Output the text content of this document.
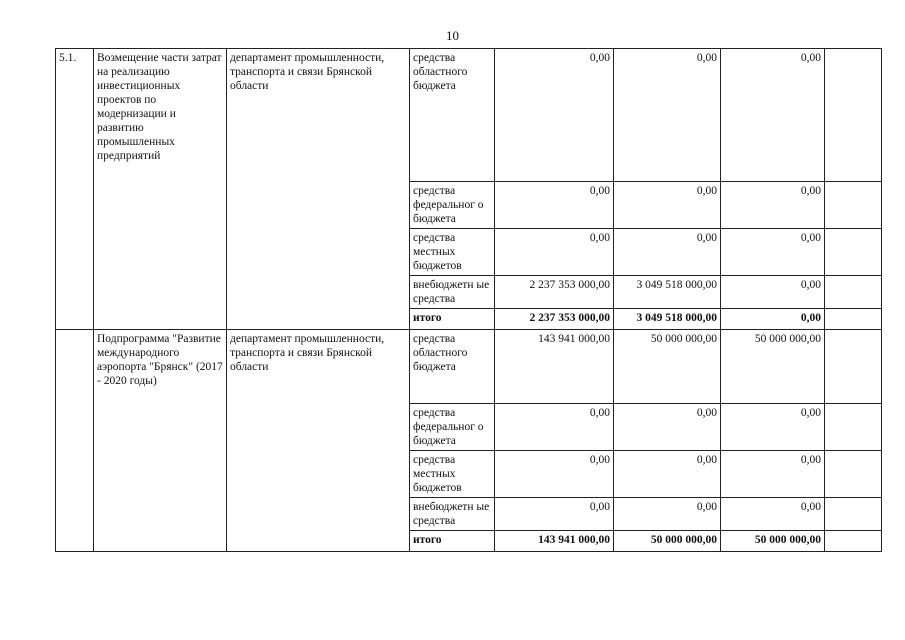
10
5.1.	Возмещение части затрат на реализацию инвестиционных проектов по модернизации и развитию промышленных предприятий	департамент промышленности, транспорта и связи Брянской области	средства областного бюджета	0,00	0,00	0,00	
			средства федеральног о бюджета	0,00	0,00	0,00	
			средства местных бюджетов	0,00	0,00	0,00	
			внебюджетн ые средства	2 237 353 000,00	3 049 518 000,00	0,00	
			итого	2 237 353 000,00	3 049 518 000,00	0,00	
	Подпрограмма "Развитие международного аэропорта "Брянск" (2017 - 2020 годы)	департамент промышленности, транспорта и связи Брянской области	средства областного бюджета	143 941 000,00	50 000 000,00	50 000 000,00	
			средства федеральног о бюджета	0,00	0,00	0,00	
			средства местных бюджетов	0,00	0,00	0,00	
			внебюджетн ые средства	0,00	0,00	0,00	
			итого	143 941 000,00	50 000 000,00	50 000 000,00	
